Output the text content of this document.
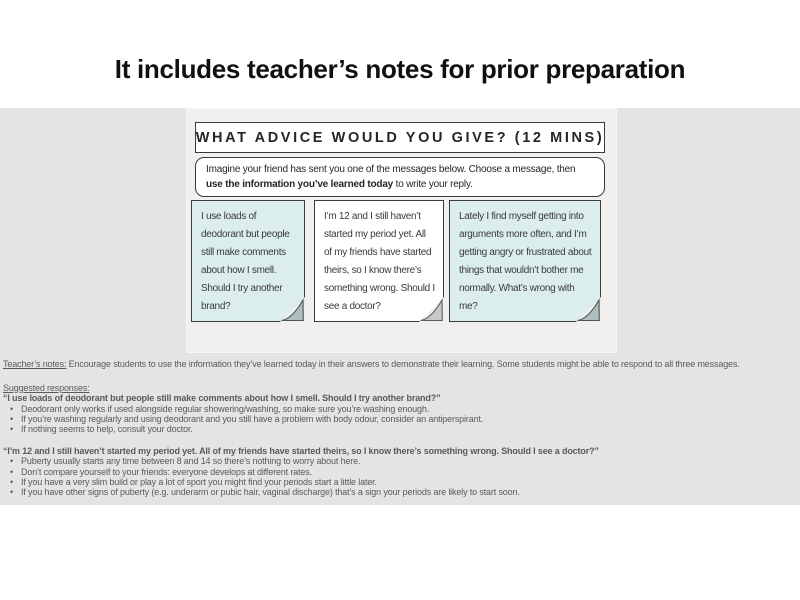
It includes teacher’s notes for prior preparation
WHAT ADVICE WOULD YOU GIVE? (12 MINS)
Imagine your friend has sent you one of the messages below. Choose a message, then use the information you’ve learned today to write your reply.
I use loads of deodorant but people still make comments about how I smell. Should I try another brand?
I’m 12 and I still haven’t started my period yet. All of my friends have started theirs, so I know there’s something wrong. Should I see a doctor?
Lately I find myself getting into arguments more often, and I’m getting angry or frustrated about things that wouldn’t bother me normally. What’s wrong with me?

Teacher’s notes: Encourage students to use the information they’ve learned today in their answers to demonstrate their learning. Some students might be able to respond to all three messages.

Suggested responses:

“I use loads of deodorant but people still make comments about how I smell. Should I try another brand?”

• Deodorant only works if used alongside regular showering/washing, so make sure you’re washing enough.
• If you’re washing regularly and using deodorant and you still have a problem with body odour, consider an antiperspirant.
• If nothing seems to help, consult your doctor.

“I’m 12 and I still haven’t started my period yet. All of my friends have started theirs, so I know there’s something wrong. Should I see a doctor?”

• Puberty usually starts any time between 8 and 14 so there’s nothing to worry about here.
• Don’t compare yourself to your friends: everyone develops at different rates.
• If you have a very slim build or play a lot of sport you might find your periods start a little later.
• If you have other signs of puberty (e.g. underarm or pubic hair, vaginal discharge) that’s a sign your periods are likely to start soon.
